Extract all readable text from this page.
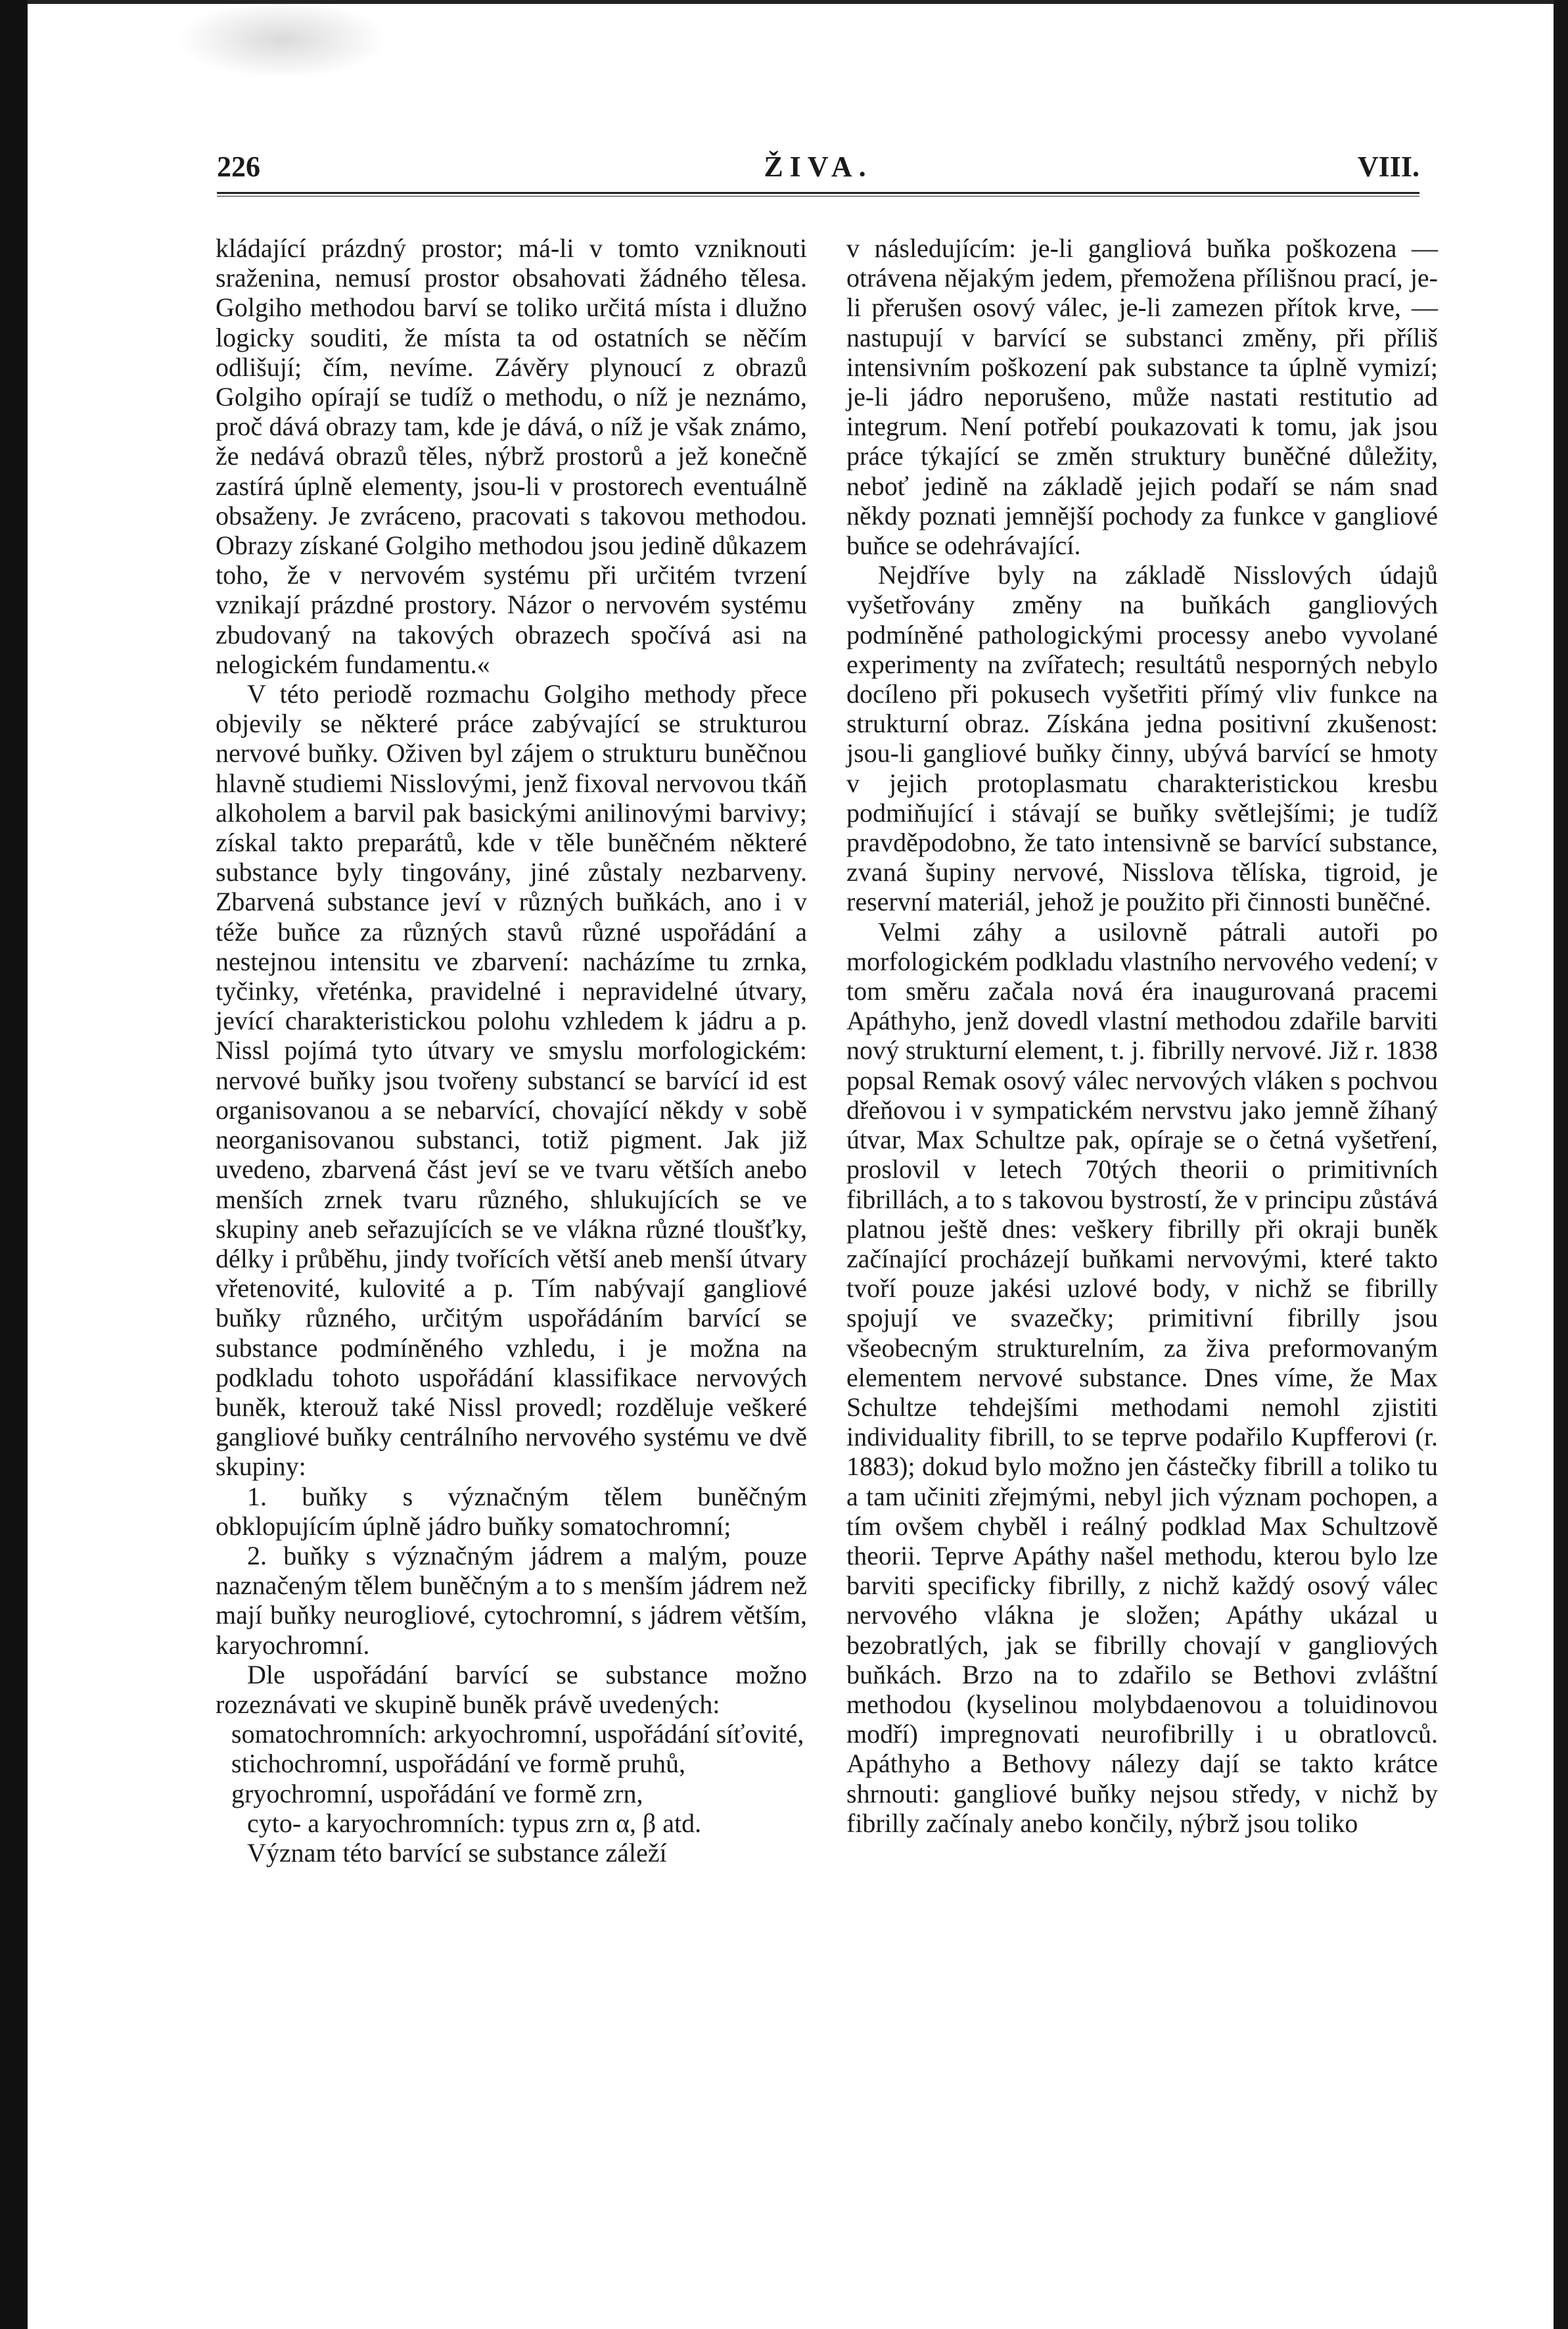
ŽIVA.
226	VIII.

kládající prázdný prostor; má-li v tomto vzniknouti sraženina, nemusí prostor obsahovati žádného tělesa. Golgiho methodou barví se toliko určitá místa i dlužno logicky souditi, že místa ta od ostatních se něčím odlišují; čím, nevíme. Závěry plynoucí z obrazů Golgiho opírají se tudíž o methodu, o níž je neznámo, proč dává obrazy tam, kde je dává, o níž je však známo, že nedává obrazů těles, nýbrž prostorů a jež konečně zastírá úplně elementy, jsou-li v prostorech eventuálně obsaženy. Je zvráceno, pracovati s takovou methodou. Obrazy získané Golgiho methodou jsou jedině důkazem toho, že v nervovém systému při určitém tvrzení vznikají prázdné prostory. Názor o nervovém systému zbudovaný na takových obrazech spočívá asi na nelogickém fundamentu.«

V této periodě rozmachu Golgiho methody přece objevily se některé práce zabývající se strukturou nervové buňky. Oživen byl zájem o strukturu buněčnou hlavně studiemi Nisslovými, jenž fixoval nervovou tkáň alkoholem a barvil pak basickými anilinovými barvivy; získal takto preparátů, kde v těle buněčném některé substance byly tingovány, jiné zůstaly nezbarveny. Zbarvená substance jeví v různých buňkách, ano i v téže buňce za různých stavů různé uspořádání a nestejnou intensitu ve zbarvení: nacházíme tu zrnka, tyčinky, vřeténka, pravidelné i nepravidelné útvary, jevící charakteristickou polohu vzhledem k jádru a p. Nissl pojímá tyto útvary ve smyslu morfologickém: nervové buňky jsou tvořeny substancí se barvící id est organisovanou a se nebarvící, chovající někdy v sobě neorganisovanou substanci, totiž pigment. Jak již uvedeno, zbarvená část jeví se ve tvaru větších anebo menších zrnek tvaru různého, shlukujících se ve skupiny aneb seřazujících se ve vlákna různé tloušťky, délky i průběhu, jindy tvořících větší aneb menší útvary vřetenovité, kulovité a p. Tím nabývají gangliové buňky různého, určitým uspořádáním barvící se substance podmíněného vzhledu, i je možna na podkladu tohoto uspořádání klassifikace nervových buněk, kterouž také Nissl provedl; rozděluje veškeré gangliové buňky centrálního nervového systému ve dvě skupiny:

1. buňky s význačným tělem buněčným obklopujícím úplně jádro buňky somatochromní;

2. buňky s význačným jádrem a malým, pouze naznačeným tělem buněčným a to s menším jádrem než mají buňky neurogliové, cytochromní, s jádrem větším, karyochromní.

Dle uspořádání barvící se substance možno rozeznávati ve skupině buněk právě uvedených:

somatochromních: arkyochromní, uspořádání síťovité,

stichochromní, uspořádání ve formě pruhů,

gryochromní, uspořádání ve formě zrn,

cyto- a karyochromních: typus zrn α, β atd.

Význam této barvící se substance záleží

v následujícím: je-li gangliová buňka poškozena — otrávena nějakým jedem, přemožena přílišnou prací, je-li přerušen osový válec, je-li zamezen přítok krve, — nastupují v barvící se substanci změny, při příliš intensivním poškození pak substance ta úplně vymizí; je-li jádro neporušeno, může nastati restitutio ad integrum. Není potřebí poukazovati k tomu, jak jsou práce týkající se změn struktury buněčné důležity, neboť jedině na základě jejich podaří se nám snad někdy poznati jemnější pochody za funkce v gangliové buňce se odehrávající.

Nejdříve byly na základě Nisslových údajů vyšetřovány změny na buňkách gangliových podmíněné pathologickými processy anebo vyvolané experimenty na zvířatech; resultátů nesporných nebylo docíleno při pokusech vyšetřiti přímý vliv funkce na strukturní obraz. Získána jedna positivní zkušenost: jsou-li gangliové buňky činny, ubývá barvící se hmoty v jejich protoplasmatu charakteristickou kresbu podmiňující i stávají se buňky světlejšími; je tudíž pravděpodobno, že tato intensivně se barvící substance, zvaná šupiny nervové, Nisslova tělíska, tigroid, je reservní materiál, jehož je použito při činnosti buněčné.

Velmi záhy a usilovně pátrali autoři po morfologickém podkladu vlastního nervového vedení; v tom směru začala nová éra inaugurovaná pracemi Apáthyho, jenž dovedl vlastní methodou zdařile barviti nový strukturní element, t. j. fibrilly nervové. Již r. 1838 popsal Remak osový válec nervových vláken s pochvou dřeňovou i v sympatickém nervstvu jako jemně žíhaný útvar, Max Schultze pak, opíraje se o četná vyšetření, proslovil v letech 70tých theorii o primitivních fibrillách, a to s takovou bystrostí, že v principu zůstává platnou ještě dnes: veškery fibrilly při okraji buněk začínající procházejí buňkami nervovými, které takto tvoří pouze jakési uzlové body, v nichž se fibrilly spojují ve svazečky; primitivní fibrilly jsou všeobecným strukturelním, za živa preformovaným elementem nervové substance. Dnes víme, že Max Schultze tehdejšími methodami nemohl zjistiti individuality fibrill, to se teprve podařilo Kupfferovi (r. 1883); dokud bylo možno jen částečky fibrill a toliko tu a tam učiniti zřejmými, nebyl jich význam pochopen, a tím ovšem chyběl i reálný podklad Max Schultzově theorii. Teprve Apáthy našel methodu, kterou bylo lze barviti specificky fibrilly, z nichž každý osový válec nervového vlákna je složen; Apáthy ukázal u bezobratlých, jak se fibrilly chovají v gangliových buňkách. Brzo na to zdařilo se Bethovi zvláštní methodou (kyselinou molybdaenovou a toluidinovou modří) impregnovati neurofibrilly i u obratlovců. Apáthyho a Bethovy nálezy dají se takto krátce shrnouti: gangliové buňky nejsou středy, v nichž by fibrilly začínaly anebo končily, nýbrž jsou toliko
